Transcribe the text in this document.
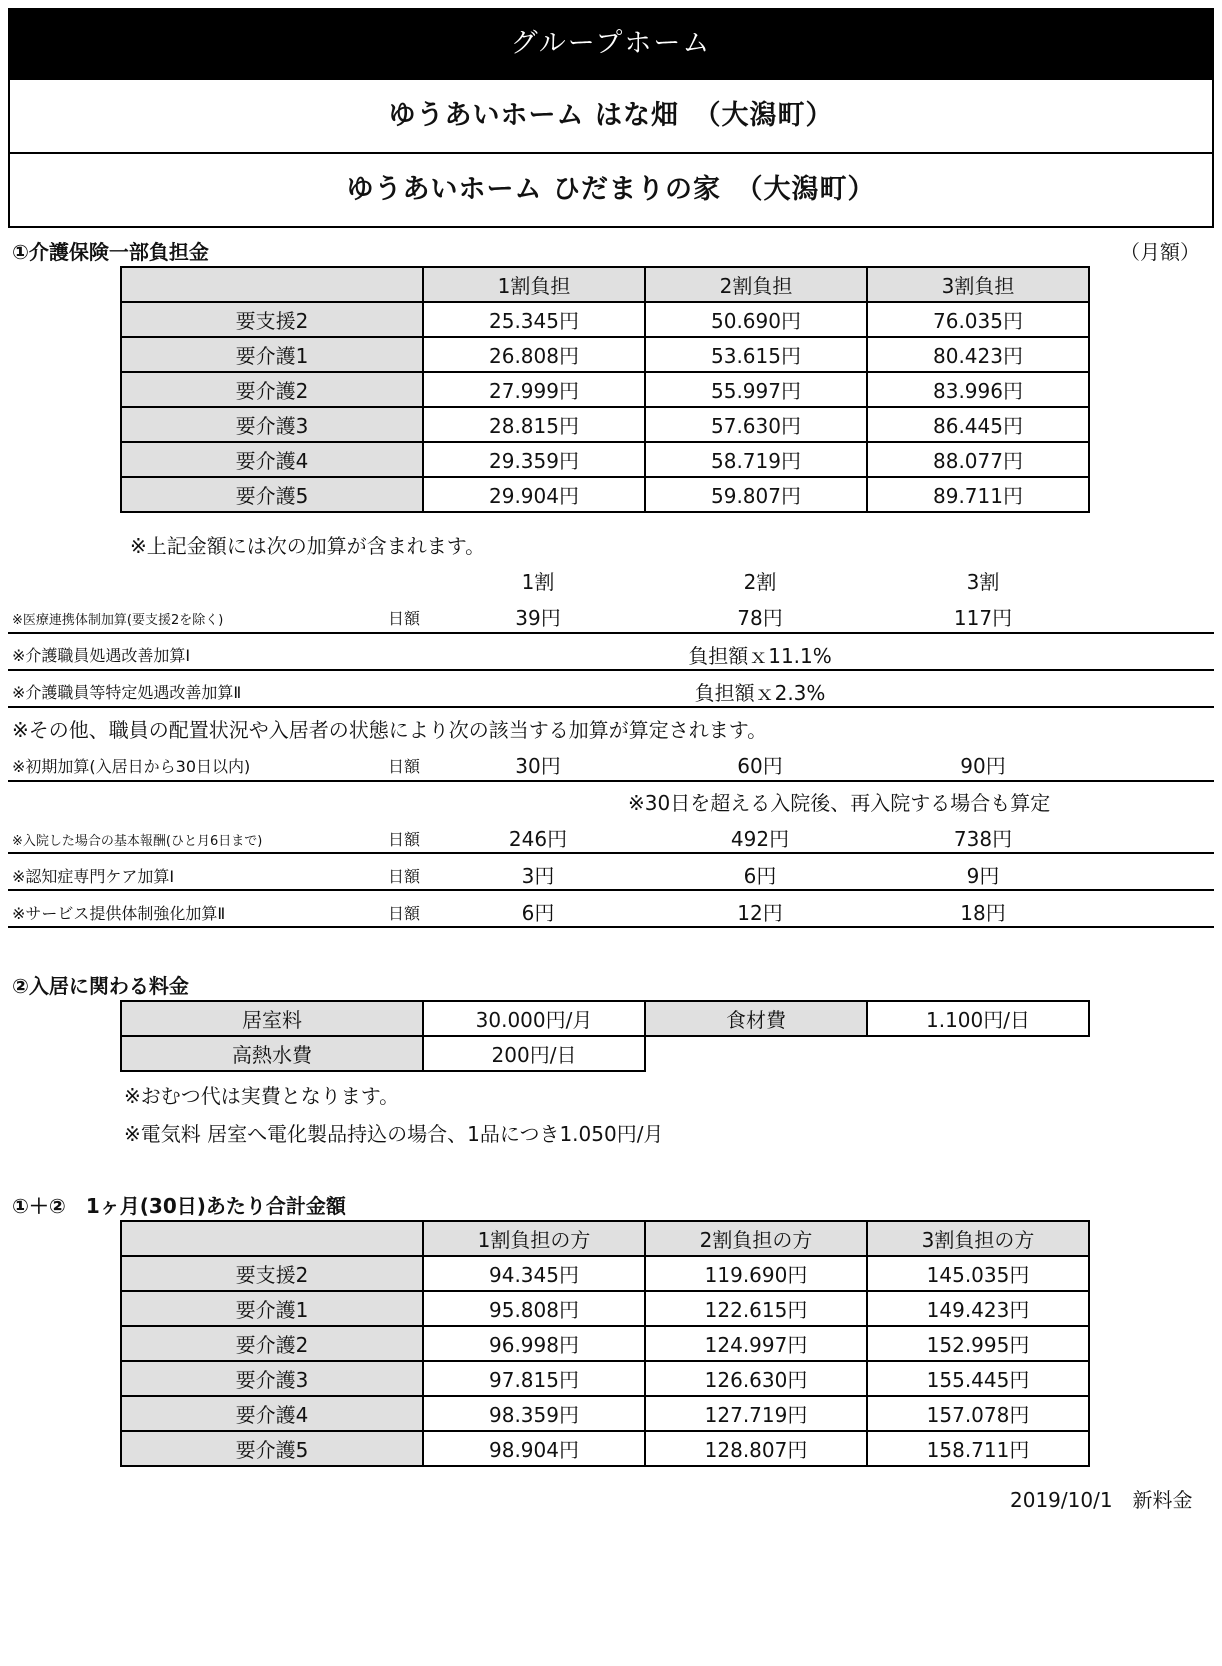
グループホーム
ゆうあいホーム はな畑　（大潟町）
ゆうあいホーム ひだまりの家　（大潟町）
①介護保険一部負担金	（月額）
	1割負担	2割負担	3割負担
要支援2	25.345円	50.690円	76.035円
要介護1	26.808円	53.615円	80.423円
要介護2	27.999円	55.997円	83.996円
要介護3	28.815円	57.630円	86.445円
要介護4	29.359円	58.719円	88.077円
要介護5	29.904円	59.807円	89.711円
※上記金額には次の加算が含まれます。
1割	2割	3割
※医療連携体制加算(要支援2を除く)	日額	39円	78円	117円
※介護職員処遇改善加算Ⅰ	負担額ｘ11.1%
※介護職員等特定処遇改善加算Ⅱ	負担額ｘ2.3%
※その他、職員の配置状況や入居者の状態により次の該当する加算が算定されます。
※初期加算(入居日から30日以内)	日額	30円	60円	90円
※30日を超える入院後、再入院する場合も算定
※入院した場合の基本報酬(ひと月6日まで)	日額	246円	492円	738円
※認知症専門ケア加算Ⅰ	日額	3円	6円	9円
※サービス提供体制強化加算Ⅱ	日額	6円	12円	18円
②入居に関わる料金
居室料	30.000円/月	食材費	1.100円/日
高熱水費	200円/日		
※おむつ代は実費となります。
※電気料 居室へ電化製品持込の場合、1品につき1.050円/月
①＋②　1ヶ月(30日)あたり合計金額
	1割負担の方	2割負担の方	3割負担の方
要支援2	94.345円	119.690円	145.035円
要介護1	95.808円	122.615円	149.423円
要介護2	96.998円	124.997円	152.995円
要介護3	97.815円	126.630円	155.445円
要介護4	98.359円	127.719円	157.078円
要介護5	98.904円	128.807円	158.711円
2019/10/1　新料金
